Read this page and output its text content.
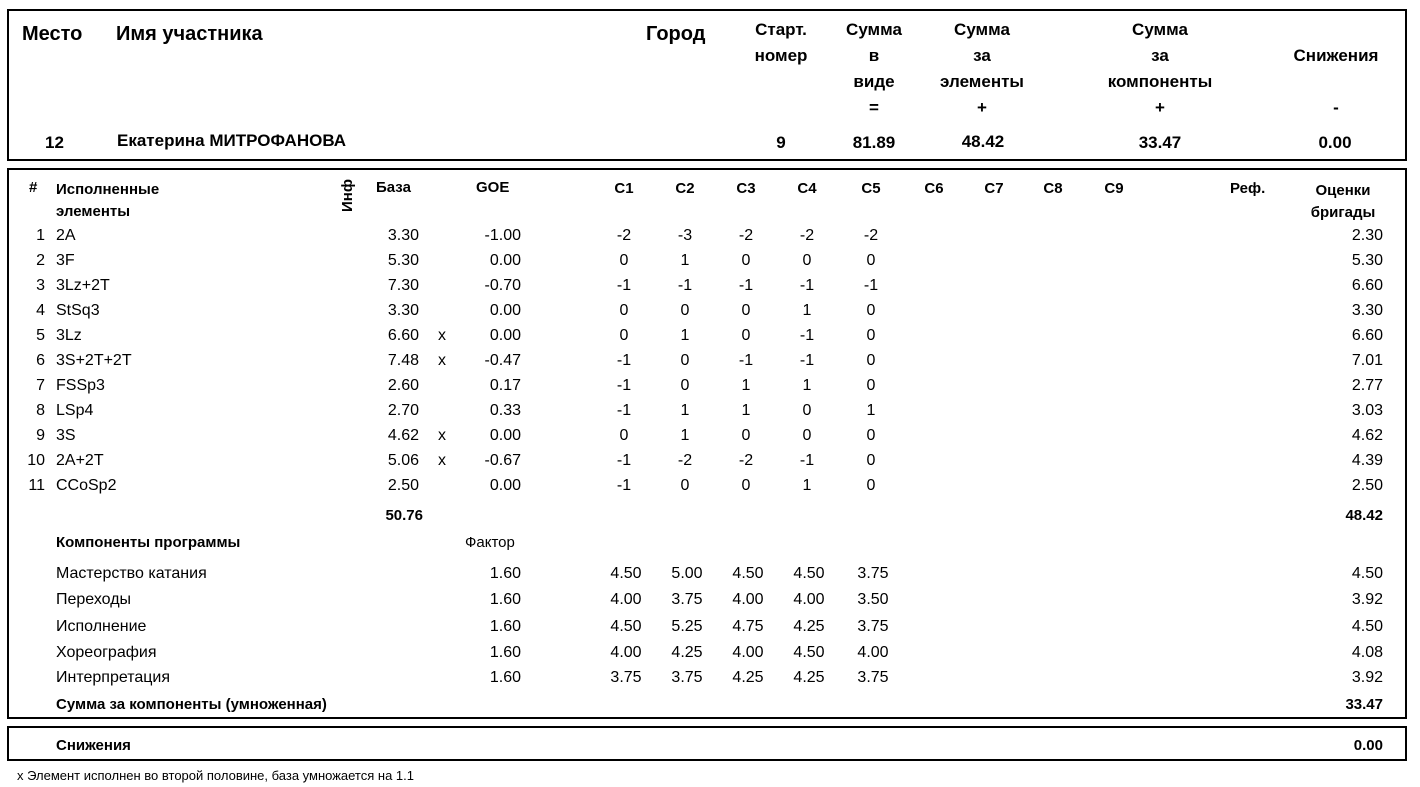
Место Имя участника	Город	Старт.
номер
Сумма
в
виде
=
Сумма
за
элементы
+
Сумма
за
компоненты
+
Снижения
-
12	Екатерина МИТРОФАНОВА	9	81.89	48.42	33.47	0.00
# Исполненные
элементы	Инф База	GOE	C1	C2	C3	C4	C5	C6	C7	C8	C9	Реф.	Оценки
бригады
1 2A	3.30	-1.00	-2	-3	-2	-2	-2	2.30
2 3F	5.30	0.00	0	1	0	0	0	5.30
3 3Lz+2T	7.30	-0.70	-1	-1	-1	-1	-1	6.60
4 StSq3	3.30	0.00	0	0	0	1	0	3.30
5 3Lz	6.60 x	0.00	0	1	0	-1	0	6.60
6 3S+2T+2T	7.48 x	-0.47	-1	0	-1	-1	0	7.01
7 FSSp3	2.60	0.17	-1	0	1	1	0	2.77
8 LSp4	2.70	0.33	-1	1	1	0	1	3.03
9 3S	4.62 x	0.00	0	1	0	0	0	4.62
10 2A+2T	5.06 x	-0.67	-1	-2	-2	-1	0	4.39
11 CCoSp2	2.50	0.00	-1	0	0	1	0	2.50
50.76	48.42
Компоненты программы	Фактор
Мастерство катания	1.60	4.50	5.00	4.50	4.50	3.75	4.50
Переходы	1.60	4.00	3.75	4.00	4.00	3.50	3.92
Исполнение	1.60	4.50	5.25	4.75	4.25	3.75	4.50
Хореография	1.60	4.00	4.25	4.00	4.50	4.00	4.08
Интерпретация	1.60	3.75	3.75	4.25	4.25	3.75	3.92
Сумма за компоненты (умноженная)	33.47
Снижения	0.00
x Элемент исполнен во второй половине, база умножается на 1.1
